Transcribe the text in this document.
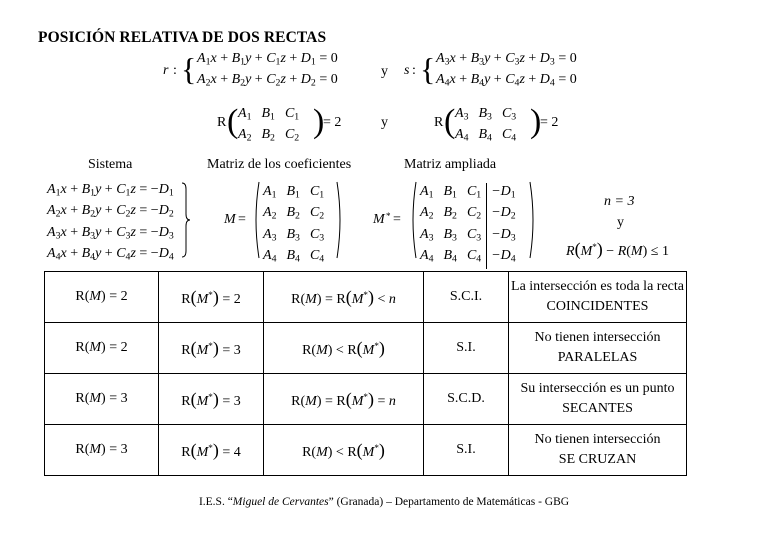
POSICIÓN RELATIVA DE DOS RECTAS
r : { A1x + B1y + C1z + D1 = 0
A2x + B2y + C2z + D2 = 0
y s : { A3x + B3y + C3z + D3 = 0
A4x + B4y + C4z + D4 = 0
R ( A1	B1	C1
A2	B2	C2 )
= 2	y	R ( A3	B3	C3
A4	B4	C4 )
= 2
Sistema	Matriz de los coeficientes	Matriz ampliada
A1x + B1y + C1z = −D1
A2x + B2y + C2z = −D2
A3x + B3y + C3z = −D3
A4x + B4y + C4z = −D4
M =
A1	B1	C1
A2	B2	C2
A3	B3	C3
A4	B4	C4
M * =
A1	B1	C1	−D1
A2	B2	C2	−D2
A3	B3	C3	−D3
A4	B4	C4	−D4
n = 3
y
R(M*) − R(M) ≤ 1
R(M) = 2	R(M*) = 2	R(M) = R(M*) < n	S.C.I.	La intersección es toda la recta
COINCIDENTES

R(M) = 2	R(M*) = 3	R(M) < R(M*)	S.I.	No tienen intersección
PARALELAS

R(M) = 3	R(M*) = 3	R(M) = R(M*) = n	S.C.D.	Su intersección es un punto
SECANTES

R(M) = 3	R(M*) = 4	R(M) < R(M*)	S.I.	No tienen intersección
SE CRUZAN
I.E.S. “Miguel de Cervantes” (Granada) – Departamento de Matemáticas - GBG
